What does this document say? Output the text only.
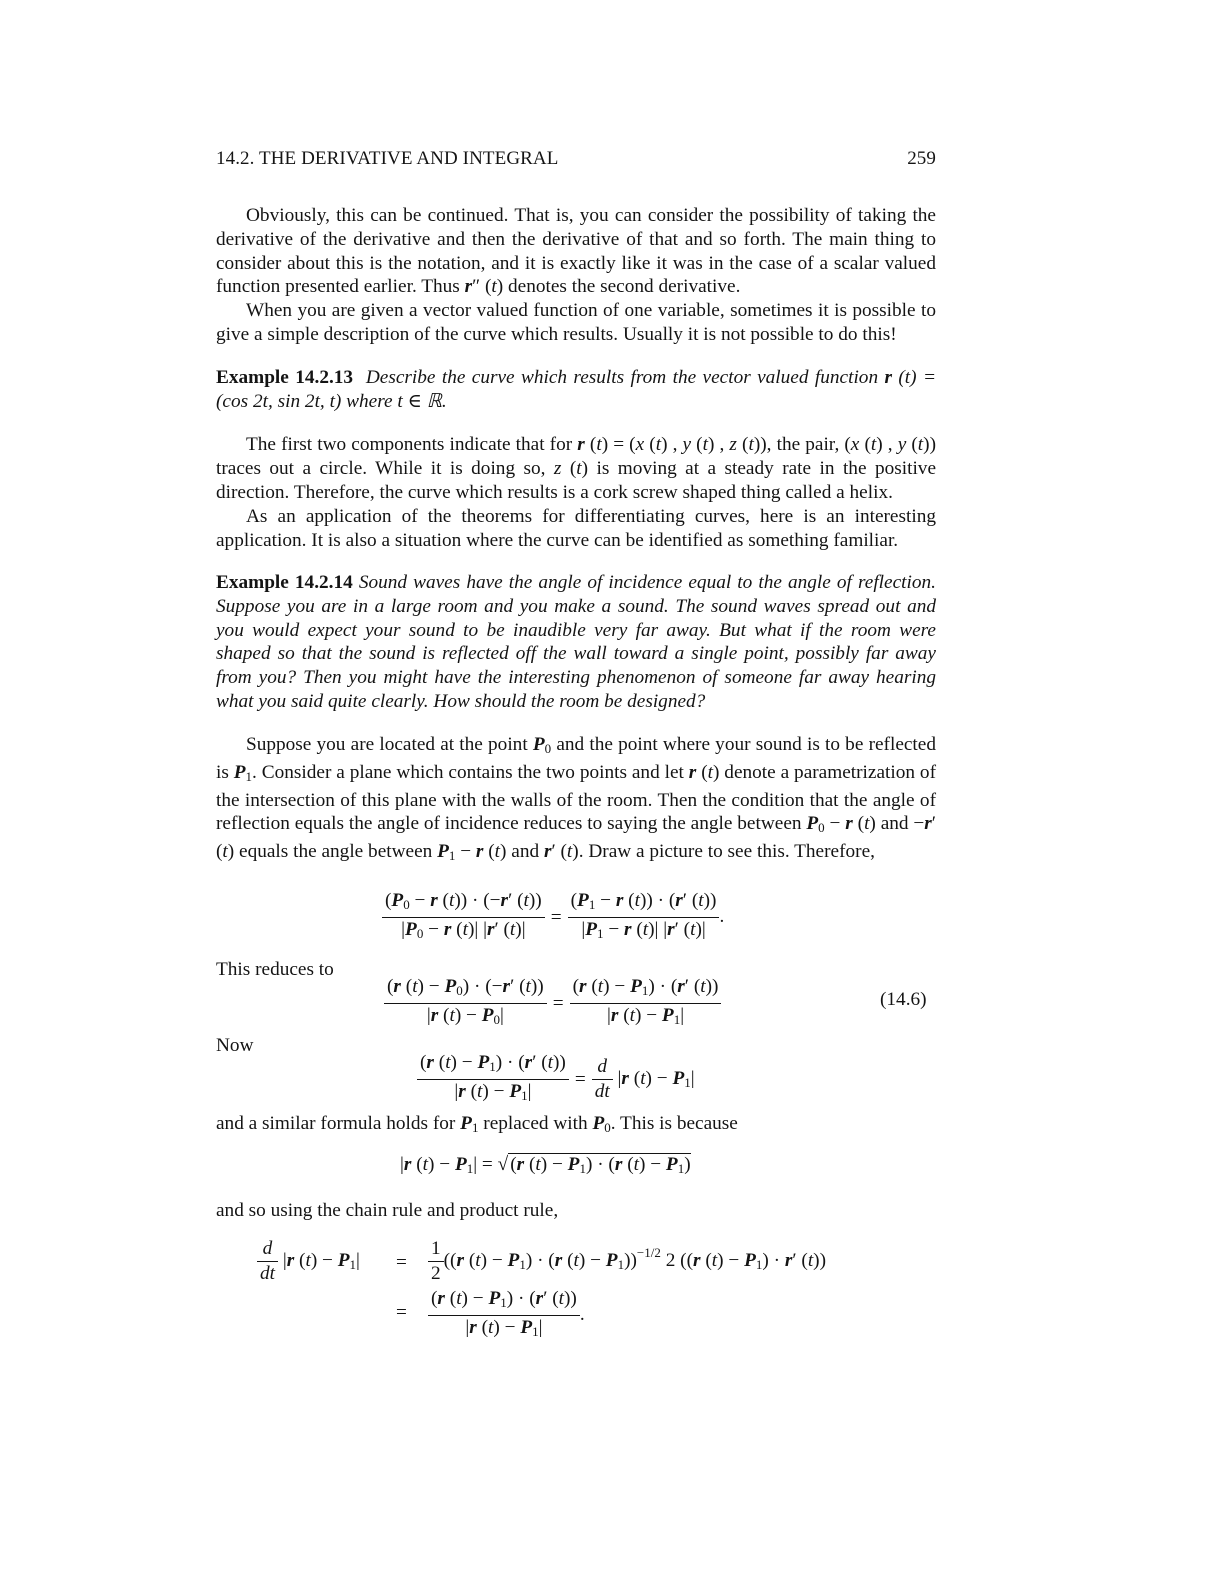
14.2. THE DERIVATIVE AND INTEGRAL	259

Obviously, this can be continued. That is, you can consider the possibility of taking the derivative of the derivative and then the derivative of that and so forth. The main thing to consider about this is the notation, and it is exactly like it was in the case of a scalar valued function presented earlier. Thus r″ (t) denotes the second derivative.

When you are given a vector valued function of one variable, sometimes it is possible to give a simple description of the curve which results. Usually it is not possible to do this!

Example 14.2.13  Describe the curve which results from the vector valued function r (t) = (cos 2t, sin 2t, t) where t ∈ ℝ.

The first two components indicate that for r (t) = (x (t) , y (t) , z (t)), the pair, (x (t) , y (t)) traces out a circle. While it is doing so, z (t) is moving at a steady rate in the positive direction. Therefore, the curve which results is a cork screw shaped thing called a helix.

As an application of the theorems for differentiating curves, here is an interesting application. It is also a situation where the curve can be identified as something familiar.

Example 14.2.14 Sound waves have the angle of incidence equal to the angle of reflection. Suppose you are in a large room and you make a sound. The sound waves spread out and you would expect your sound to be inaudible very far away. But what if the room were shaped so that the sound is reflected off the wall toward a single point, possibly far away from you? Then you might have the interesting phenomenon of someone far away hearing what you said quite clearly. How should the room be designed?

Suppose you are located at the point $P_0$ and the point where your sound is to be reflected is $P_1$. Consider a plane which contains the two points and let r (t) denote a parametrization of the intersection of this plane with the walls of the room. Then the condition that the angle of reflection equals the angle of incidence reduces to saying the angle between $P_0 - r$ (t) and −r′ (t) equals the angle between $P_1 - r$ (t) and r′ (t). Draw a picture to see this. Therefore,

$\frac{(P_0 - r (t)) \cdot (-r' (t))}{|P_0 - r (t)| |r' (t)|} = \frac{(P_1 - r (t)) \cdot (r' (t))}{|P_1 - r (t)| |r' (t)|}$ .
This reduces to
$\frac{(r (t) - P_0) \cdot (-r' (t))}{|r (t) - P_0|} = \frac{(r (t) - P_1) \cdot (r' (t))}{|r (t) - P_1|}$	(14.6)
Now
$\frac{(r (t) - P_1) \cdot (r' (t))}{|r (t) - P_1|} = \frac{d}{dt} |r$ $(t) - P_1|$

and a similar formula holds for $P_1$ replaced with $P_0$. This is because

|r $(t) - P_1|$ = √ (r $(t) - P_1) \cdot (r$ $(t) - P_1$)

and so using the chain rule and product rule,

$\frac{d}{dt} |r$ $(t) - P_1| = \frac{1}{2} ((r$ $(t) - P_1) \cdot (r$ $(t) - P_1))^{-1/2}$ 2 ((r $(t) - P_1) \cdot r'$ (t))
= $\frac{(r (t) - P_1) \cdot (r' (t))}{|r (t) - P_1|}$ .
